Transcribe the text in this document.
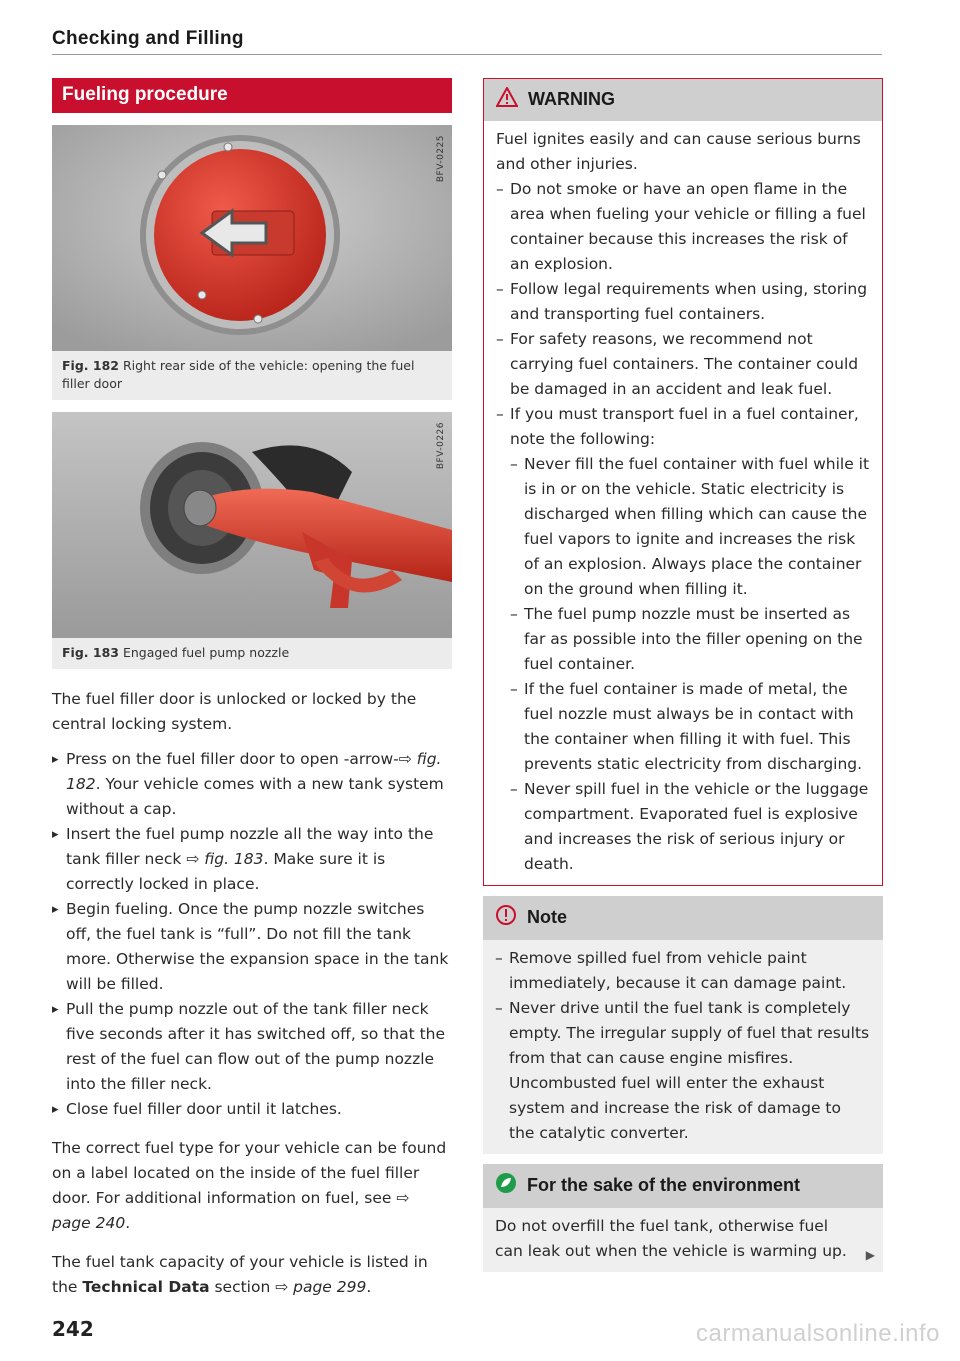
Checking and Filling
Fueling procedure
BFV-0225
Fig. 182 Right rear side of the vehicle: opening the fuel filler door
BFV-0226
Fig. 183 Engaged fuel pump nozzle

The fuel filler door is unlocked or locked by the central locking system.

▸ Press on the fuel filler door to open -arrow-⇨ fig. 182. Your vehicle comes with a new tank system without a cap.
▸ Insert the fuel pump nozzle all the way into the tank filler neck ⇨ fig. 183. Make sure it is correctly locked in place.
▸ Begin fueling. Once the pump nozzle switches off, the fuel tank is “full”. Do not fill the tank more. Otherwise the expansion space in the tank will be filled.
▸ Pull the pump nozzle out of the tank filler neck five seconds after it has switched off, so that the rest of the fuel can flow out of the pump nozzle into the filler neck.
▸ Close fuel filler door until it latches.

The correct fuel type for your vehicle can be found on a label located on the inside of the fuel filler door. For additional information on fuel, see ⇨ page 240.

The fuel tank capacity of your vehicle is listed in the Technical Data section ⇨ page 299.

242
WARNING

Fuel ignites easily and can cause serious burns and other injuries.

– Do not smoke or have an open flame in the area when fueling your vehicle or filling a fuel container because this increases the risk of an explosion.
– Follow legal requirements when using, storing and transporting fuel containers.
– For safety reasons, we recommend not carrying fuel containers. The container could be damaged in an accident and leak fuel.
– If you must transport fuel in a fuel container, note the following:
– Never fill the fuel container with fuel while it is in or on the vehicle. Static electricity is discharged when filling which can cause the fuel vapors to ignite and increases the risk of an explosion. Always place the container on the ground when filling it.
– The fuel pump nozzle must be inserted as far as possible into the filler opening on the fuel container.
– If the fuel container is made of metal, the fuel nozzle must always be in contact with the container when filling it with fuel. This prevents static electricity from discharging.
– Never spill fuel in the vehicle or the luggage compartment. Evaporated fuel is explosive and increases the risk of serious injury or death.
Note
– Remove spilled fuel from vehicle paint immediately, because it can damage paint.
– Never drive until the fuel tank is completely empty. The irregular supply of fuel that results from that can cause engine misfires. Uncombusted fuel will enter the exhaust system and increase the risk of damage to the catalytic converter.
For the sake of the environment

Do not overfill the fuel tank, otherwise fuel can leak out when the vehicle is warming up. ▶
carmanualsonline.info
